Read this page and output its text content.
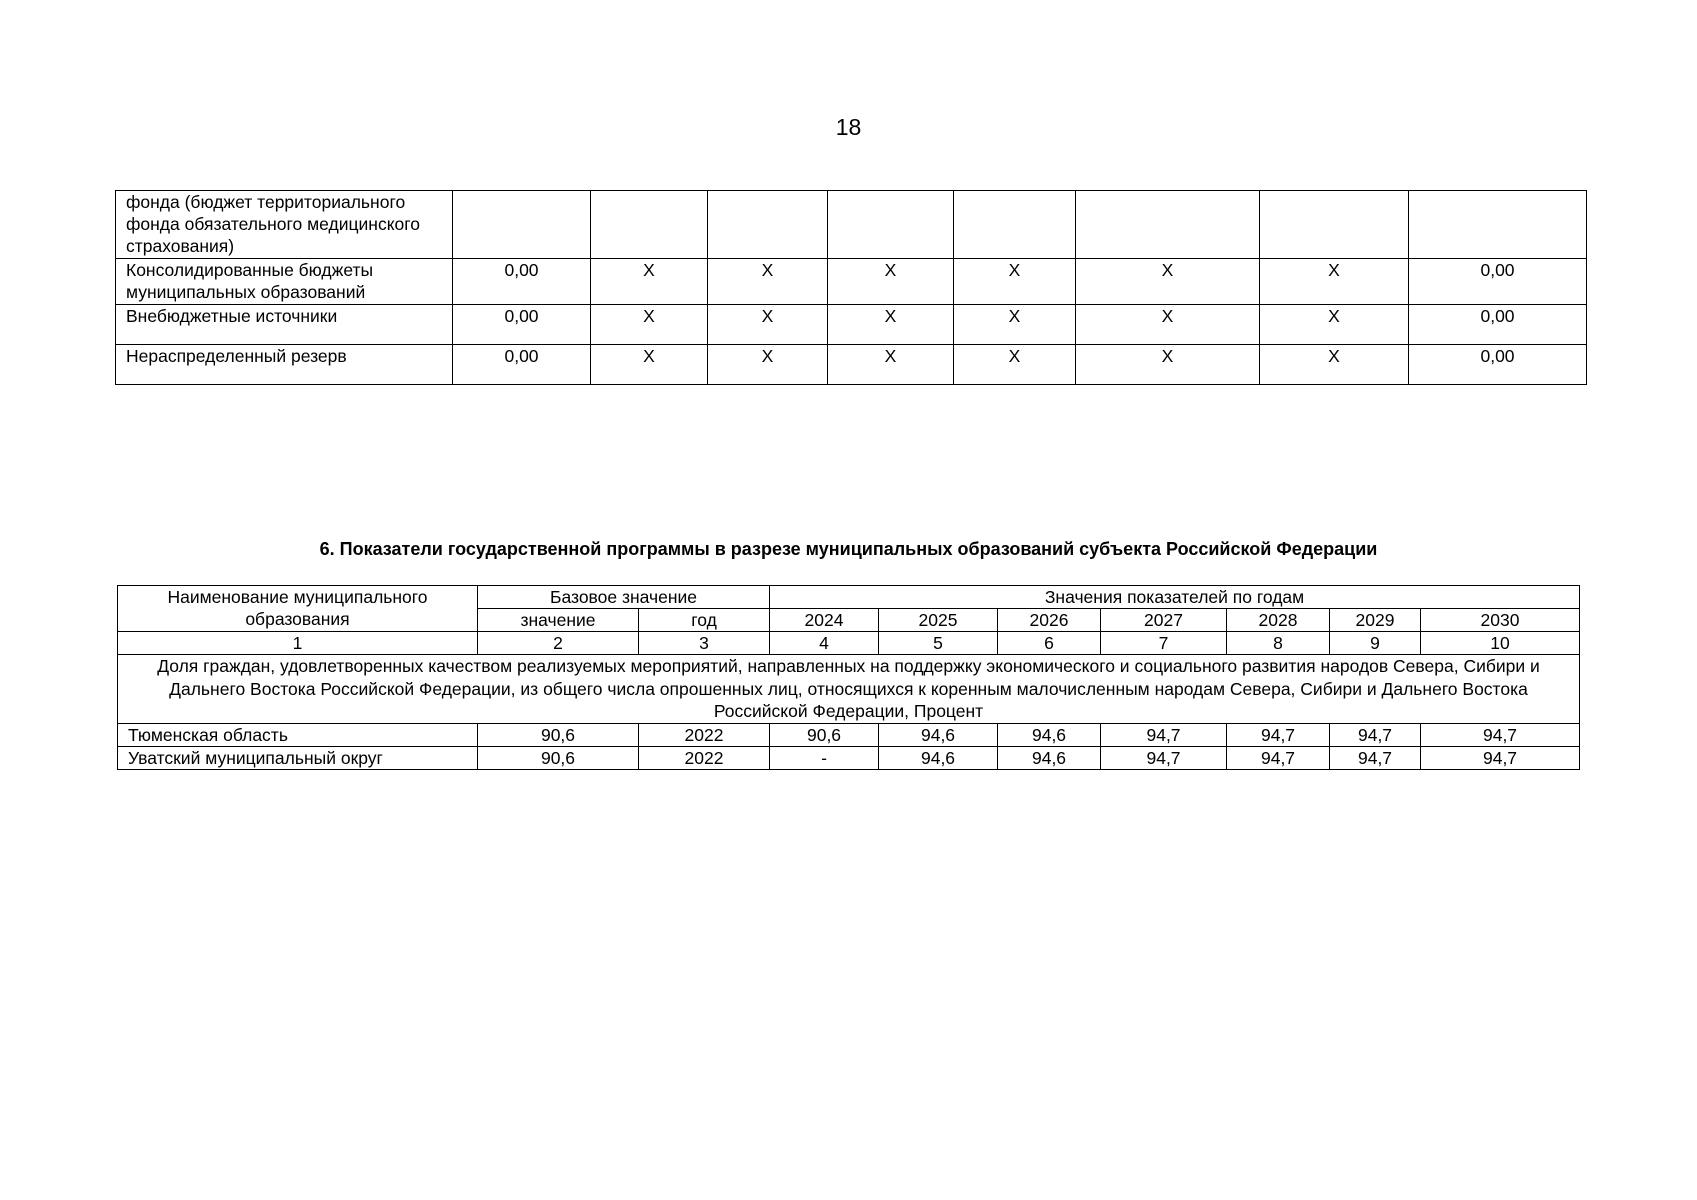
18
фонда (бюджет территориального фонда обязательного медицинского страхования)								
Консолидированные бюджеты муниципальных образований	0,00	X	X	X	X	X	X	0,00
Внебюджетные источники	0,00	X	X	X	X	X	X	0,00
Нераспределенный резерв	0,00	X	X	X	X	X	X	0,00
6. Показатели государственной программы в разрезе муниципальных образований субъекта Российской Федерации
Наименование муниципального образования	Базовое значение		Значения показателей по годам						
	значение	год	2024	2025	2026	2027	2028	2029	2030
1	2	3	4	5	6	7	8	9	10
Доля граждан, удовлетворенных качеством реализуемых мероприятий, направленных на поддержку экономического и социального развития народов Севера, Сибири и Дальнего Востока Российской Федерации, из общего числа опрошенных лиц, относящихся к коренным малочисленным народам Севера, Сибири и Дальнего Востока Российской Федерации, Процент									
Тюменская область	90,6	2022	90,6	94,6	94,6	94,7	94,7	94,7	94,7
Уватский муниципальный округ	90,6	2022	-	94,6	94,6	94,7	94,7	94,7	94,7
